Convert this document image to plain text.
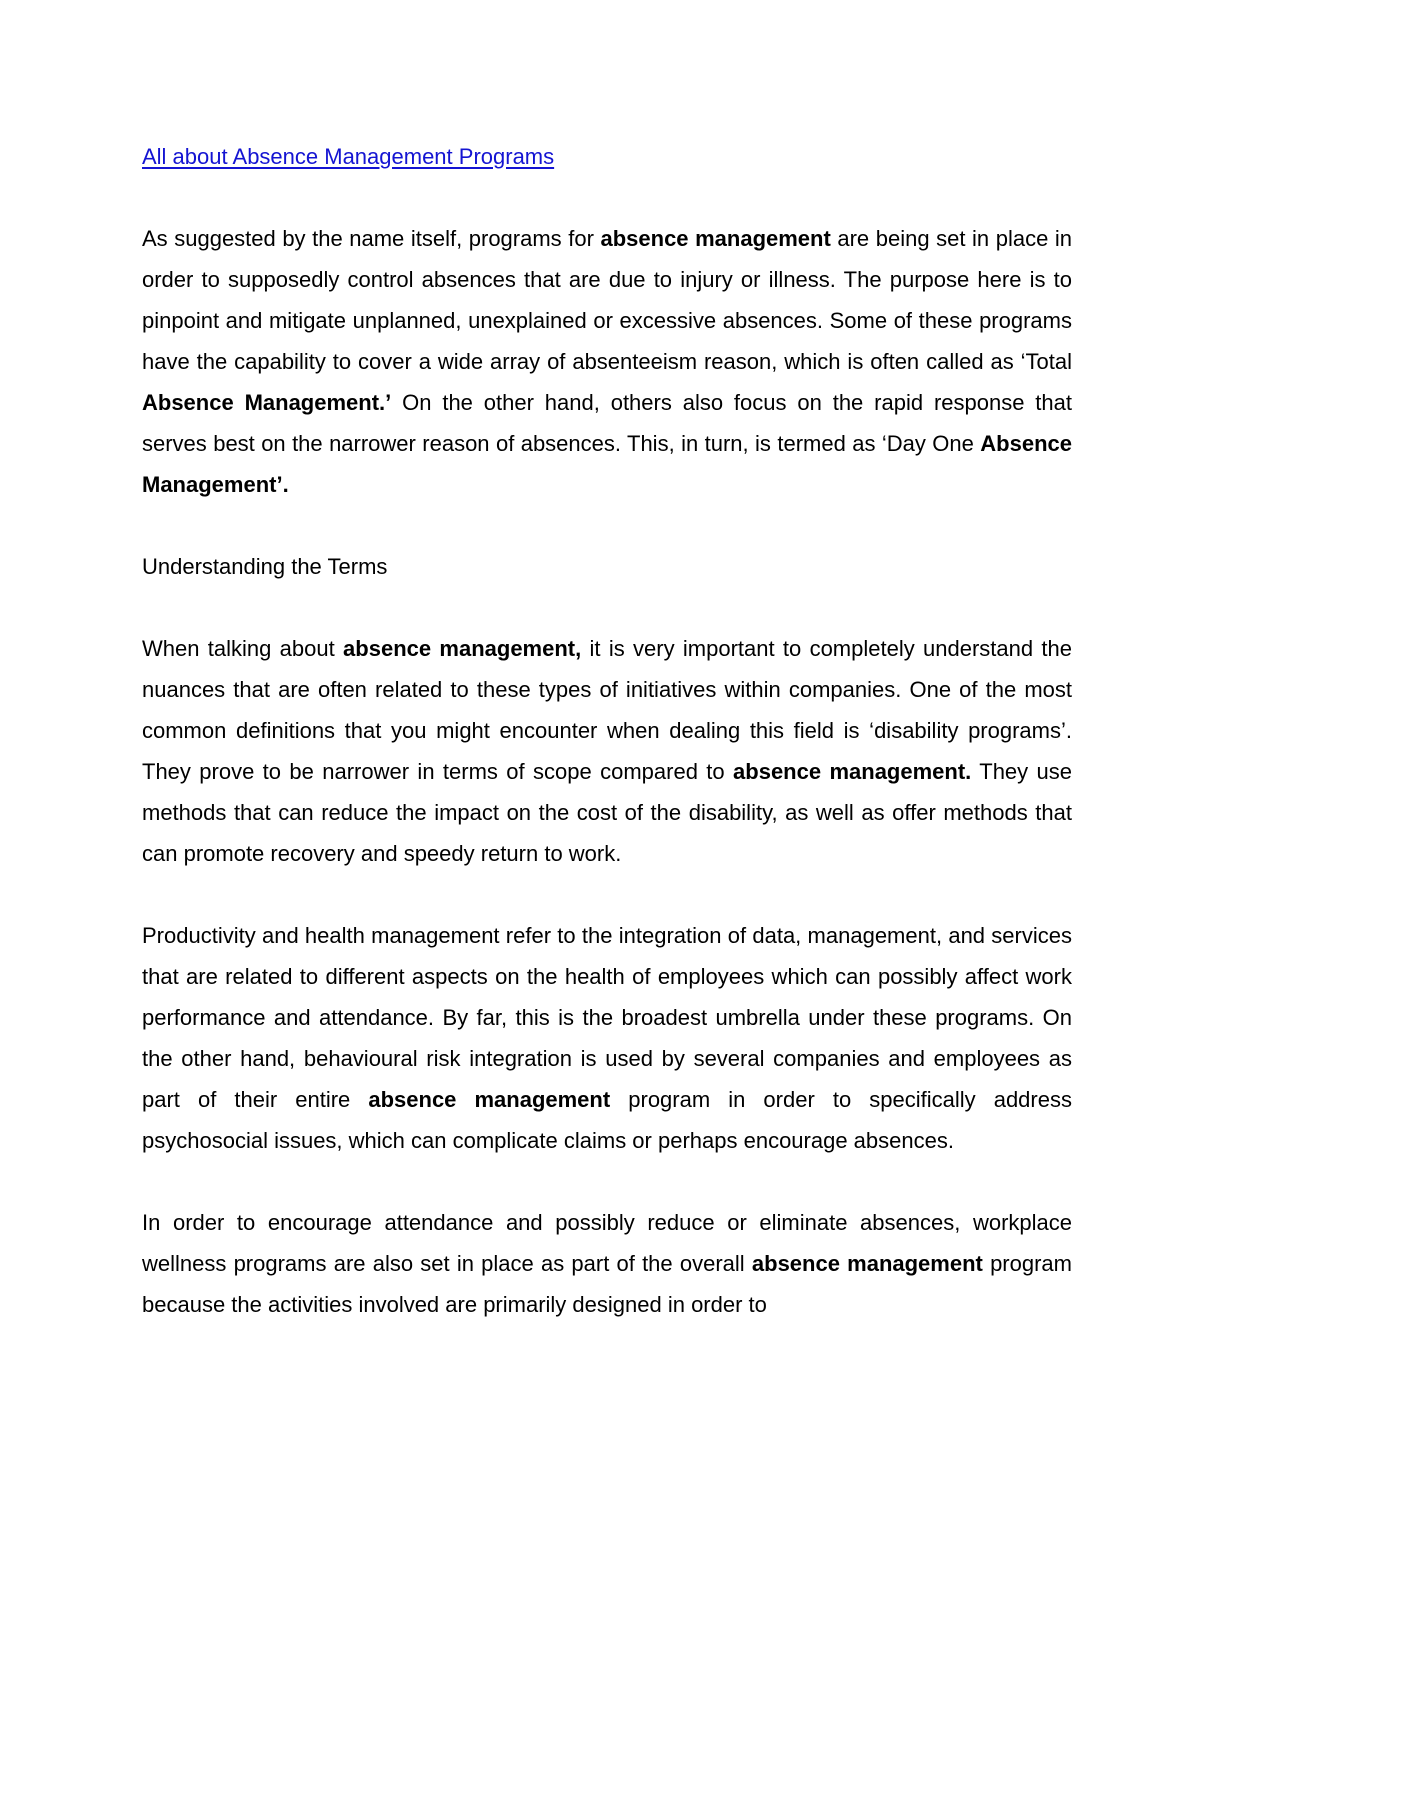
All about Absence Management Programs

As suggested by the name itself, programs for absence management are being set in place in order to supposedly control absences that are due to injury or illness. The purpose here is to pinpoint and mitigate unplanned, unexplained or excessive absences. Some of these programs have the capability to cover a wide array of absenteeism reason, which is often called as ‘Total Absence Management.’ On the other hand, others also focus on the rapid response that serves best on the narrower reason of absences. This, in turn, is termed as ‘Day One Absence Management’.

Understanding the Terms

When talking about absence management, it is very important to completely understand the nuances that are often related to these types of initiatives within companies. One of the most common definitions that you might encounter when dealing this field is ‘disability programs’. They prove to be narrower in terms of scope compared to absence management. They use methods that can reduce the impact on the cost of the disability, as well as offer methods that can promote recovery and speedy return to work.

Productivity and health management refer to the integration of data, management, and services that are related to different aspects on the health of employees which can possibly affect work performance and attendance. By far, this is the broadest umbrella under these programs. On the other hand, behavioural risk integration is used by several companies and employees as part of their entire absence management program in order to specifically address psychosocial issues, which can complicate claims or perhaps encourage absences.

In order to encourage attendance and possibly reduce or eliminate absences, workplace wellness programs are also set in place as part of the overall absence management program because the activities involved are primarily designed in order to
